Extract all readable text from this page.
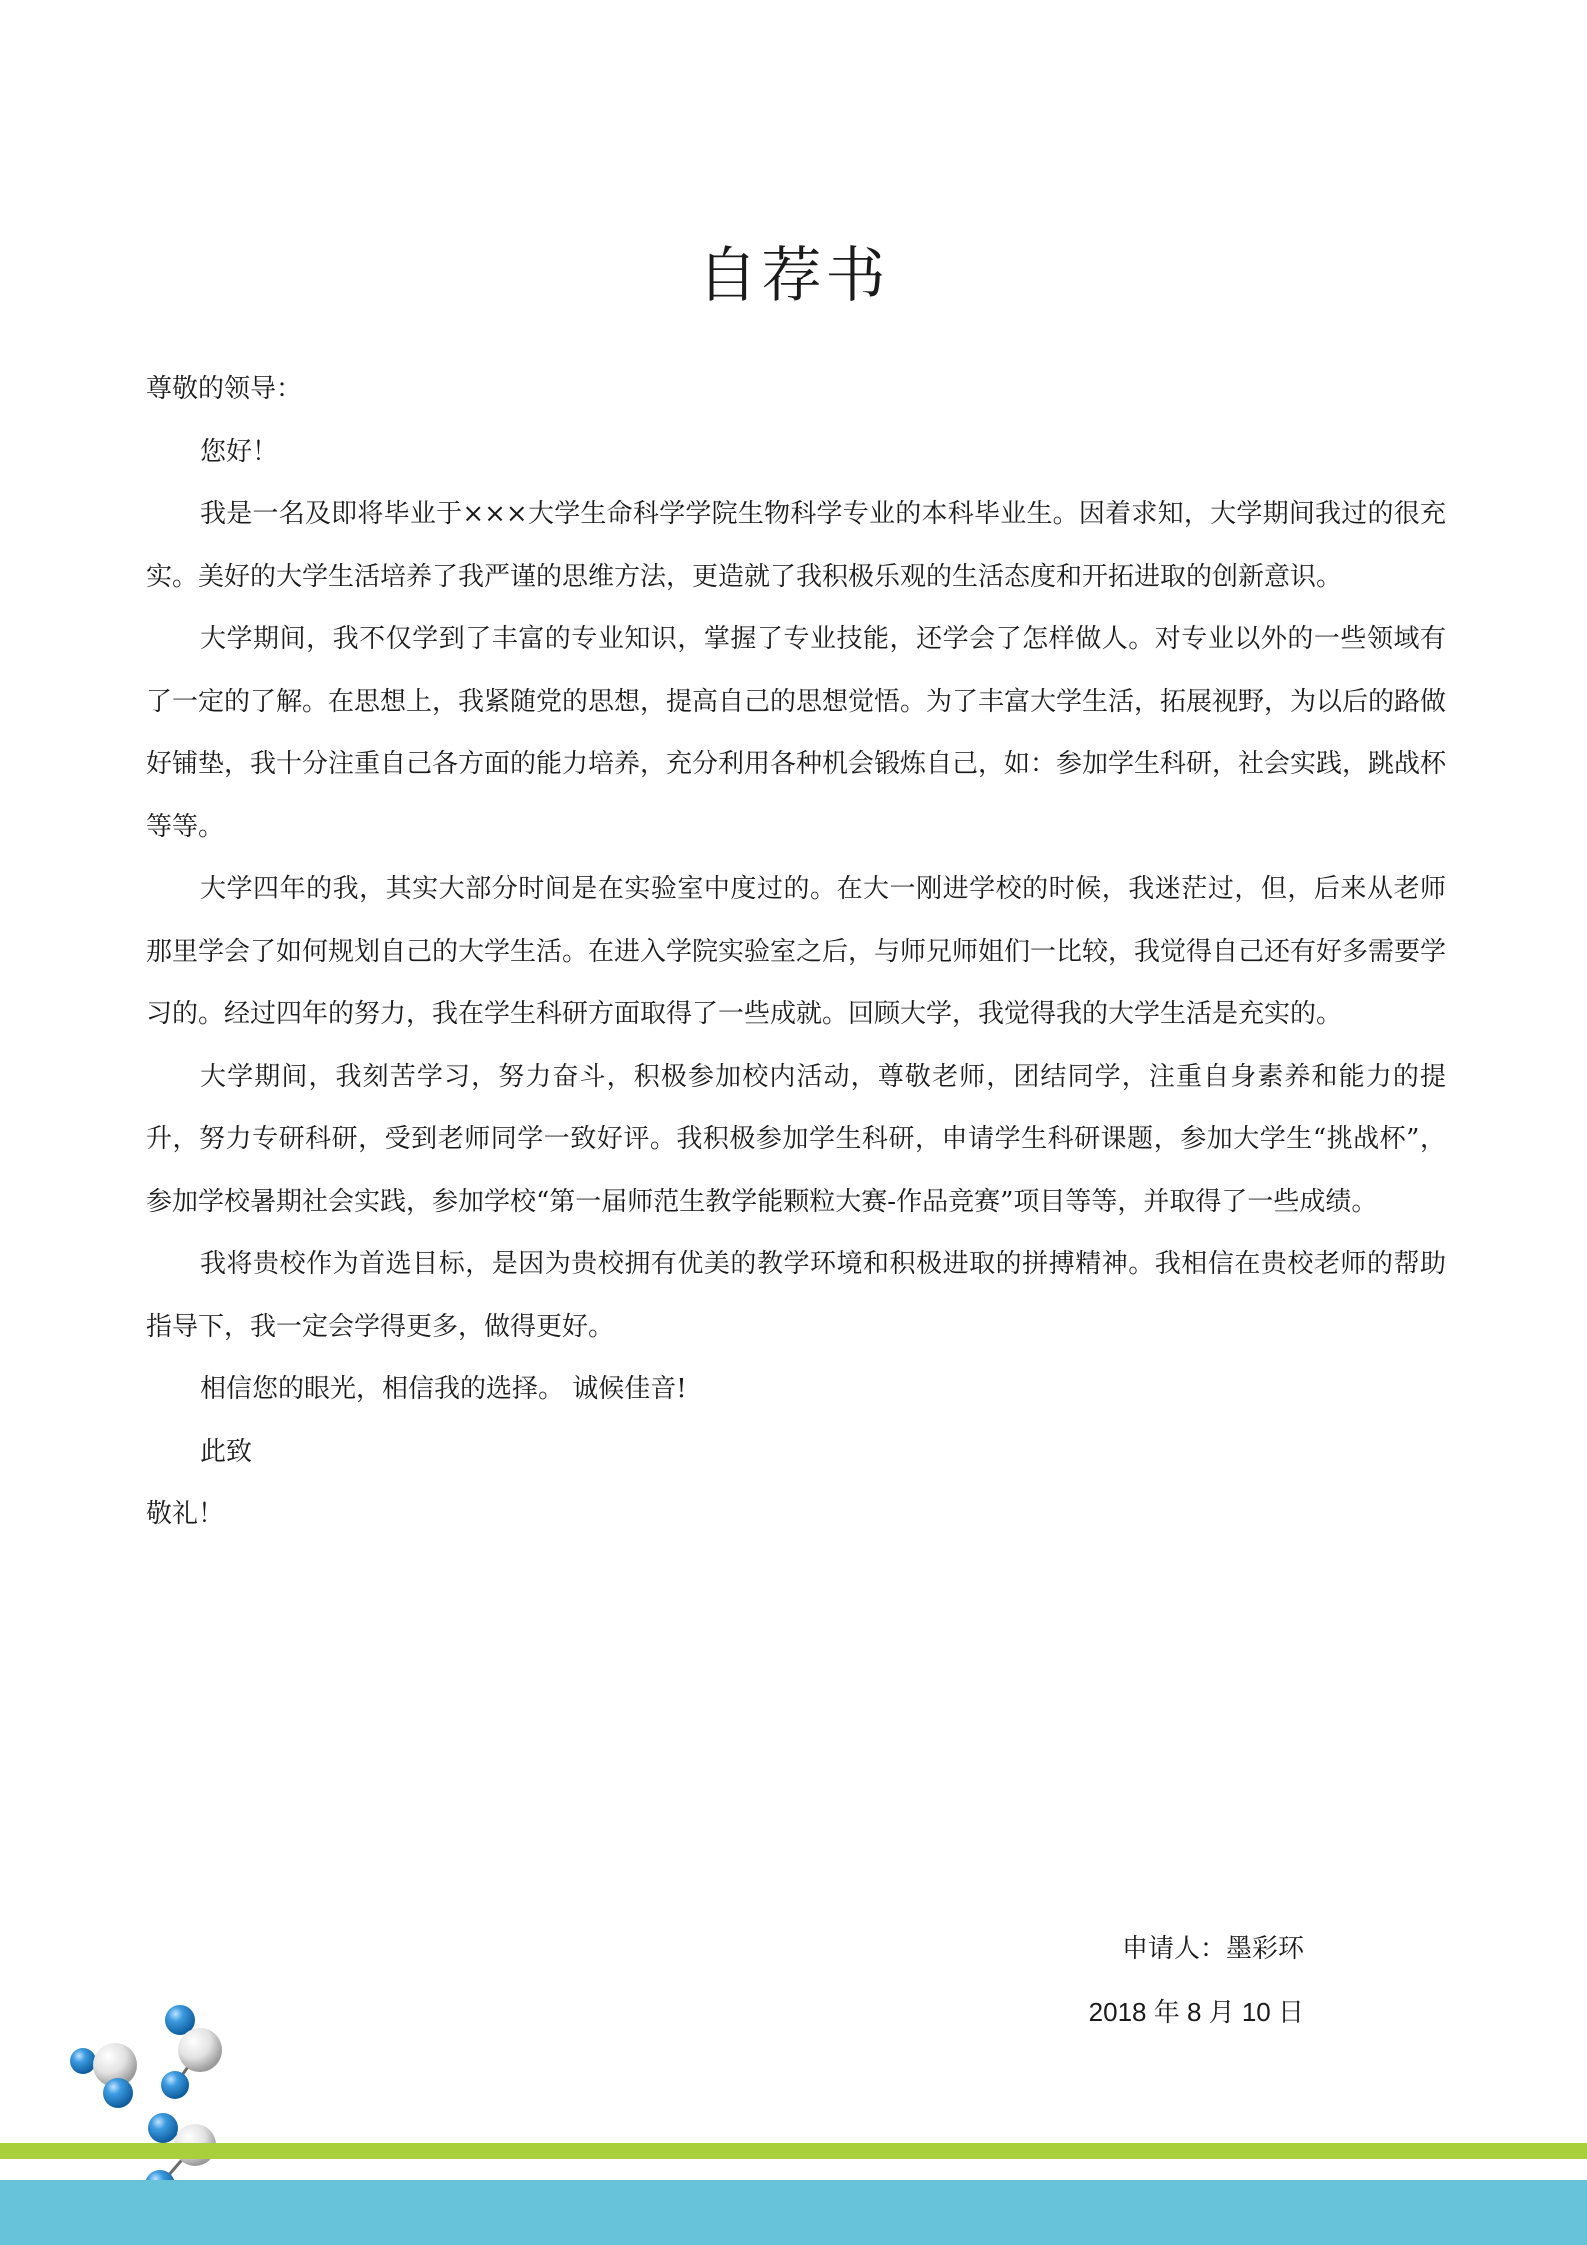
自荐书

尊敬的领导：

您好！

我是一名及即将毕业于×××大学生命科学学院生物科学专业的本科毕业生。因着求知，大学期间我过的很充实。美好的大学生活培养了我严谨的思维方法，更造就了我积极乐观的生活态度和开拓进取的创新意识。

大学期间，我不仅学到了丰富的专业知识，掌握了专业技能，还学会了怎样做人。对专业以外的一些领域有了一定的了解。在思想上，我紧随党的思想，提高自己的思想觉悟。为了丰富大学生活，拓展视野，为以后的路做好铺垫，我十分注重自己各方面的能力培养，充分利用各种机会锻炼自己，如：参加学生科研，社会实践，跳战杯等等。

大学四年的我，其实大部分时间是在实验室中度过的。在大一刚进学校的时候，我迷茫过，但，后来从老师那里学会了如何规划自己的大学生活。在进入学院实验室之后，与师兄师姐们一比较，我觉得自己还有好多需要学习的。经过四年的努力，我在学生科研方面取得了一些成就。回顾大学，我觉得我的大学生活是充实的。

大学期间，我刻苦学习，努力奋斗，积极参加校内活动，尊敬老师，团结同学，注重自身素养和能力的提升，努力专研科研，受到老师同学一致好评。我积极参加学生科研，申请学生科研课题，参加大学生“挑战杯”，参加学校暑期社会实践，参加学校“第一届师范生教学能颗粒大赛-作品竞赛”项目等等，并取得了一些成绩。

我将贵校作为首选目标，是因为贵校拥有优美的教学环境和积极进取的拼搏精神。我相信在贵校老师的帮助指导下，我一定会学得更多，做得更好。

相信您的眼光，相信我的选择。 诚候佳音!

此致

敬礼！

申请人：墨彩环

2018 年 8 月 10 日
